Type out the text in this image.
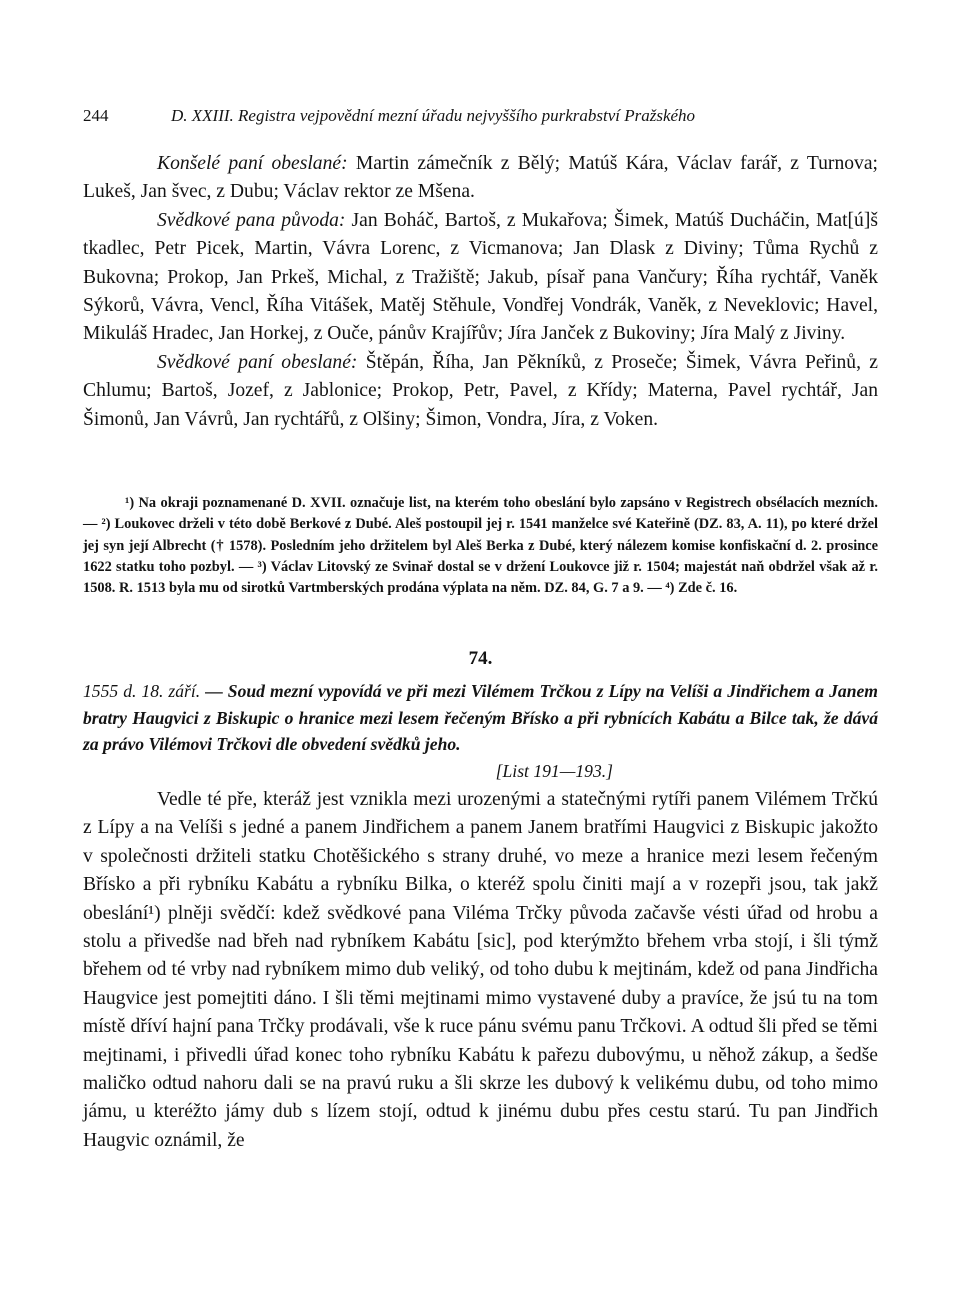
244	D. XXIII. Registra vejpovědní mezní úřadu nejvyššího purkrabství Pražského

Konšelé paní obeslané: Martin zámečník z Bělý; Matúš Kára, Václav farář, z Turnova; Lukeš, Jan švec, z Dubu; Václav rektor ze Mšena.

Svědkové pana původa: Jan Boháč, Bartoš, z Mukařova; Šimek, Matúš Ducháčin, Mat[ú]š tkadlec, Petr Picek, Martin, Vávra Lorenc, z Vicmanova; Jan Dlask z Diviny; Tůma Rychů z Bukovna; Prokop, Jan Prkeš, Michal, z Tražiště; Jakub, písař pana Vančury; Říha rychtář, Vaněk Sýkorů, Vávra, Vencl, Říha Vitášek, Matěj Stěhule, Vondřej Vondrák, Vaněk, z Neveklovic; Havel, Mikuláš Hradec, Jan Horkej, z Ouče, pánův Krajířův; Jíra Janček z Bukoviny; Jíra Malý z Jiviny.

Svědkové paní obeslané: Štěpán, Říha, Jan Pěkníků, z Proseče; Šimek, Vávra Peřinů, z Chlumu; Bartoš, Jozef, z Jablonice; Prokop, Petr, Pavel, z Křídy; Materna, Pavel rychtář, Jan Šimonů, Jan Vávrů, Jan rychtářů, z Olšiny; Šimon, Vondra, Jíra, z Voken.

¹) Na okraji poznamenané D. XVII. označuje list, na kterém toho obeslání bylo zapsáno v Registrech obsélacích mezních. — ²) Loukovec drželi v této době Berkové z Dubé. Aleš postoupil jej r. 1541 manželce své Kateřině (DZ. 83, A. 11), po které držel jej syn její Albrecht († 1578). Posledním jeho držitelem byl Aleš Berka z Dubé, který nálezem komise konfiskační d. 2. prosince 1622 statku toho pozbyl. — ³) Václav Litovský ze Svinař dostal se v držení Loukovce již r. 1504; majestát naň obdržel však až r. 1508. R. 1513 byla mu od sirotků Vartmberských prodána výplata na něm. DZ. 84, G. 7 a 9. — ⁴) Zde č. 16.

74.

1555 d. 18. září. — Soud mezní vypovídá ve při mezi Vilémem Trčkou z Lípy na Velíši a Jindřichem a Janem bratry Haugvici z Biskupic o hranice mezi lesem řečeným Břísko a při rybnících Kabátu a Bilce tak, že dává za právo Vilémovi Trčkovi dle obvedení svědků jeho.

[List 191—193.]

Vedle té pře, kteráž jest vznikla mezi urozenými a statečnými rytíři panem Vilémem Trčkú z Lípy a na Velíši s jedné a panem Jindřichem a panem Janem bratřími Haugvici z Biskupic jakožto v společnosti držiteli statku Chotěšického s strany druhé, vo meze a hranice mezi lesem řečeným Břísko a při rybníku Kabátu a rybníku Bilka, o kteréž spolu činiti mají a v rozepři jsou, tak jakž obeslání¹) plněji svědčí: kdež svědkové pana Viléma Trčky původa začavše vésti úřad od hrobu a stolu a přivedše nad břeh nad rybníkem Kabátu [sic], pod kterýmžto břehem vrba stojí, i šli týmž břehem od té vrby nad rybníkem mimo dub veliký, od toho dubu k mejtinám, kdež od pana Jindřicha Haugvice jest pomejtiti dáno. I šli těmi mejtinami mimo vystavené duby a pravíce, že jsú tu na tom místě dříví hajní pana Trčky prodávali, vše k ruce pánu svému panu Trčkovi. A odtud šli před se těmi mejtinami, i přivedli úřad konec toho rybníku Kabátu k pařezu dubovýmu, u něhož zákup, a šedše maličko odtud nahoru dali se na pravú ruku a šli skrze les dubový k velikému dubu, od toho mimo jámu, u kteréžto jámy dub s lízem stojí, odtud k jinému dubu přes cestu starú. Tu pan Jindřich Haugvic oznámil, že
